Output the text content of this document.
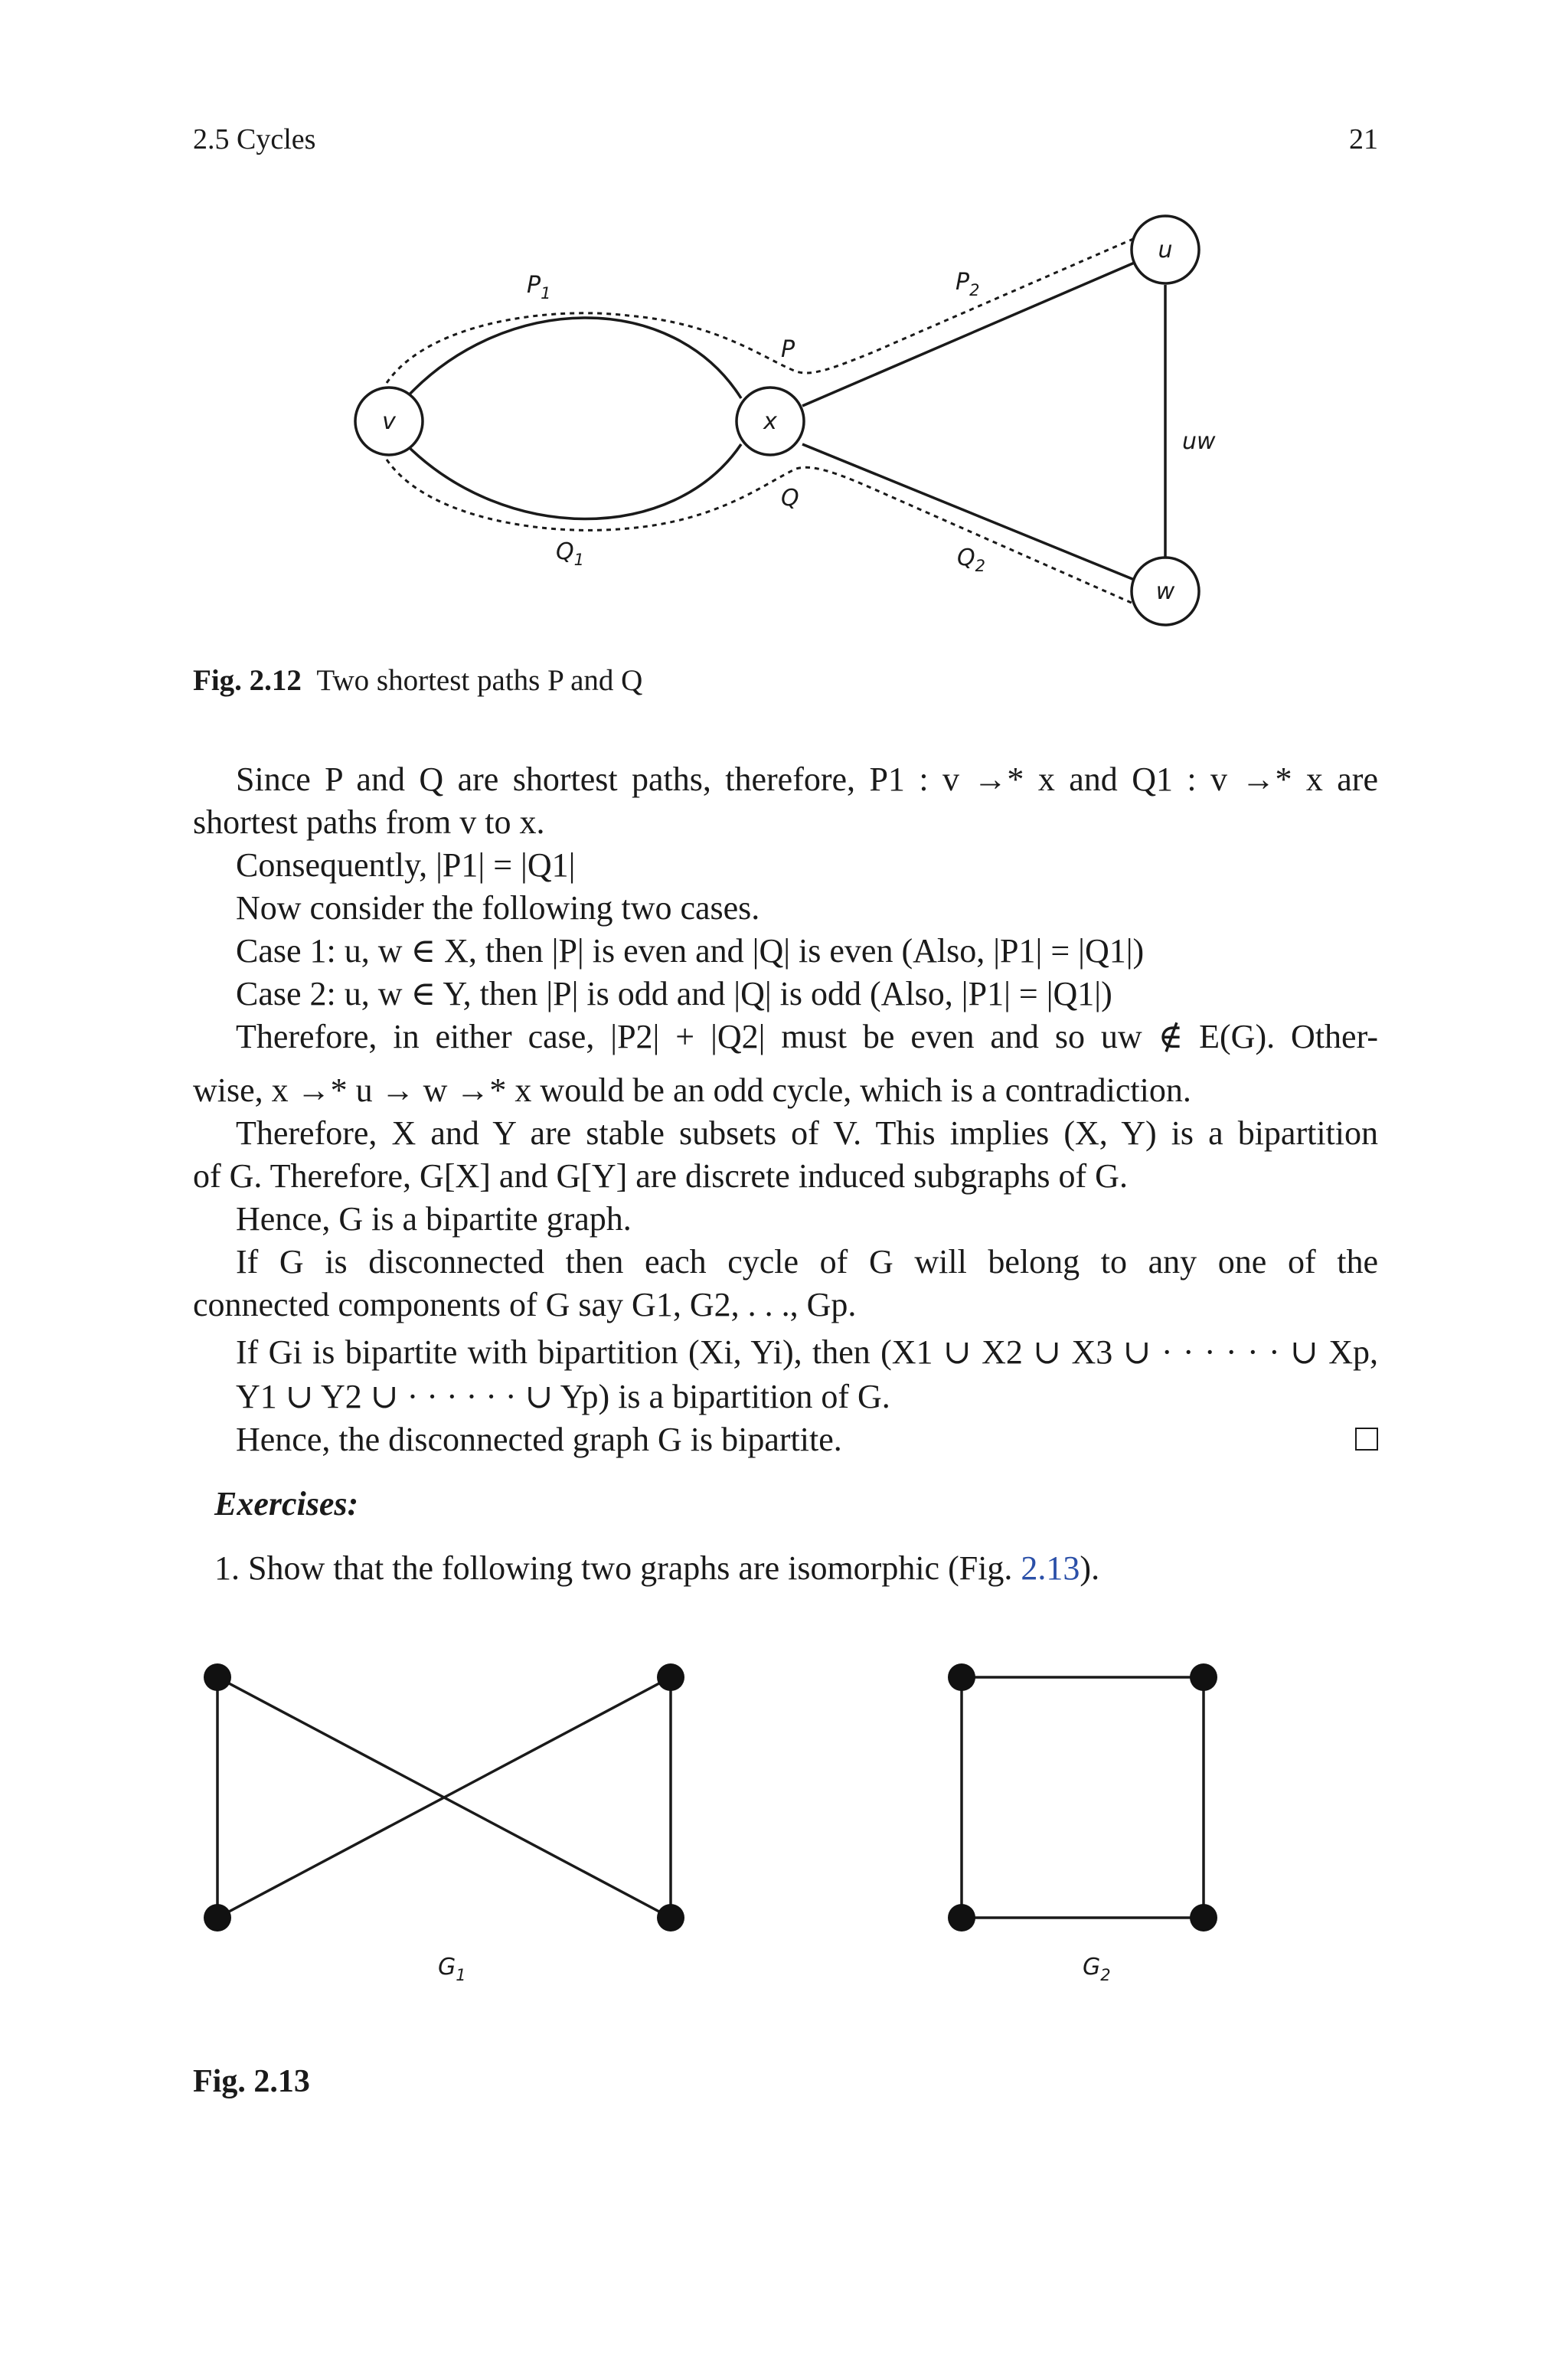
2.5 Cycles	21
v	x
u
w
$P_1$	$P_2$
P
Q
$Q_1$	$Q_2$
uw
Fig. 2.12 Two shortest paths P and Q
Since P and Q are shortest paths, therefore, P1 : v →* x and Q1 : v →* x are
shortest paths from v to x.
Consequently, |P1| = |Q1|
Now consider the following two cases.
Case 1: u, w ∈ X, then |P| is even and |Q| is even (Also, |P1| = |Q1|)
Case 2: u, w ∈ Y, then |P| is odd and |Q| is odd (Also, |P1| = |Q1|)
Therefore, in either case, |P2| + |Q2| must be even and so uw ∉ E(G). Other-
wise, x →* u → w →* x would be an odd cycle, which is a contradiction.
Therefore, X and Y are stable subsets of V. This implies (X, Y) is a bipartition
of G. Therefore, G[X] and G[Y] are discrete induced subgraphs of G.
Hence, G is a bipartite graph.
If G is disconnected then each cycle of G will belong to any one of the
connected components of G say G1, G2, . . ., Gp.
If Gi is bipartite with bipartition (Xi, Yi), then (X1 ∪ X2 ∪ X3 ∪ · · · · · · ∪ Xp,
Y1 ∪ Y2 ∪ · · · · · · ∪ Yp) is a bipartition of G.
Hence, the disconnected graph G is bipartite.
Exercises:
1. Show that the following two graphs are isomorphic (Fig. 2.13).
$G_1$	$G_2$
Fig. 2.13
